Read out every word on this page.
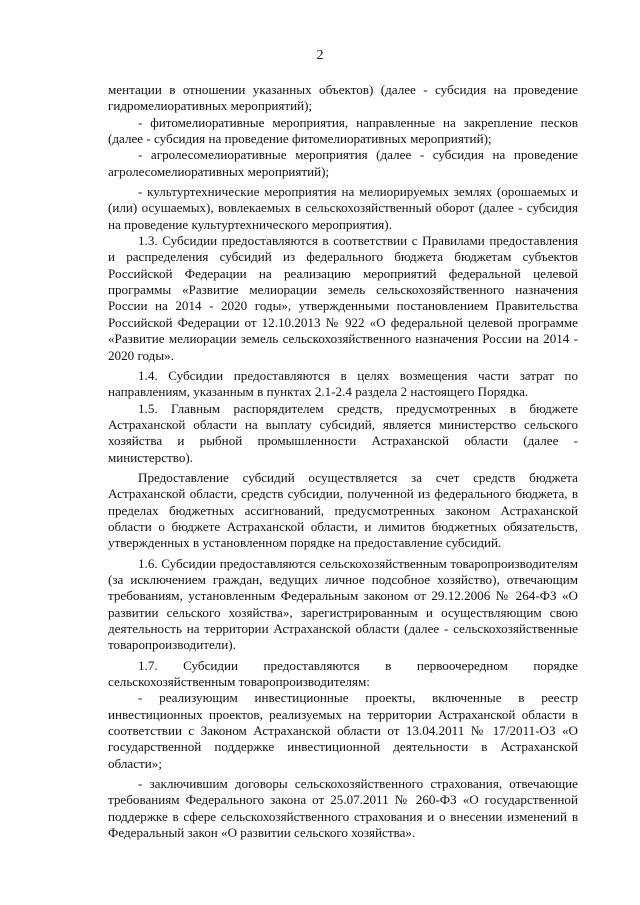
2

ментации в отношении указанных объектов) (далее - субсидия на проведение гидромелиоративных мероприятий);

- фитомелиоративные мероприятия, направленные на закрепление песков (далее - субсидия на проведение фитомелиоративных мероприятий);

- агролесомелиоративные мероприятия (далее - субсидия на проведение агролесомелиоративных мероприятий);

- культуртехнические мероприятия на мелиорируемых землях (орошаемых и (или) осушаемых), вовлекаемых в сельскохозяйственный оборот (далее - субсидия на проведение культуртехнического мероприятия).

1.3. Субсидии предоставляются в соответствии с Правилами предоставления и распределения субсидий из федерального бюджета бюджетам субъектов Российской Федерации на реализацию мероприятий федеральной целевой программы «Развитие мелиорации земель сельскохозяйственного назначения России на 2014 - 2020 годы», утвержденными постановлением Правительства Российской Федерации от 12.10.2013 № 922 «О федеральной целевой программе «Развитие мелиорации земель сельскохозяйственного назначения России на 2014 - 2020 годы».

1.4. Субсидии предоставляются в целях возмещения части затрат по направлениям, указанным в пунктах 2.1-2.4 раздела 2 настоящего Порядка.

1.5. Главным распорядителем средств, предусмотренных в бюджете Астраханской области на выплату субсидий, является министерство сельского хозяйства и рыбной промышленности Астраханской области (далее - министерство).

Предоставление субсидий осуществляется за счет средств бюджета Астраханской области, средств субсидии, полученной из федерального бюджета, в пределах бюджетных ассигнований, предусмотренных законом Астраханской области о бюджете Астраханской области, и лимитов бюджетных обязательств, утвержденных в установленном порядке на предоставление субсидий.

1.6. Субсидии предоставляются сельскохозяйственным товаропроизводителям (за исключением граждан, ведущих личное подсобное хозяйство), отвечающим требованиям, установленным Федеральным законом от 29.12.2006 № 264-ФЗ «О развитии сельского хозяйства», зарегистрированным и осуществляющим свою деятельность на территории Астраханской области (далее - сельскохозяйственные товаропроизводители).

1.7. Субсидии предоставляются в первоочередном порядке сельскохозяйственным товаропроизводителям:

- реализующим инвестиционные проекты, включенные в реестр инвестиционных проектов, реализуемых на территории Астраханской области в соответствии с Законом Астраханской области от 13.04.2011 № 17/2011-ОЗ «О государственной поддержке инвестиционной деятельности в Астраханской области»;

- заключившим договоры сельскохозяйственного страхования, отвечающие требованиям Федерального закона от 25.07.2011 № 260-ФЗ «О государственной поддержке в сфере сельскохозяйственного страхования и о внесении изменений в Федеральный закон «О развитии сельского хозяйства».
